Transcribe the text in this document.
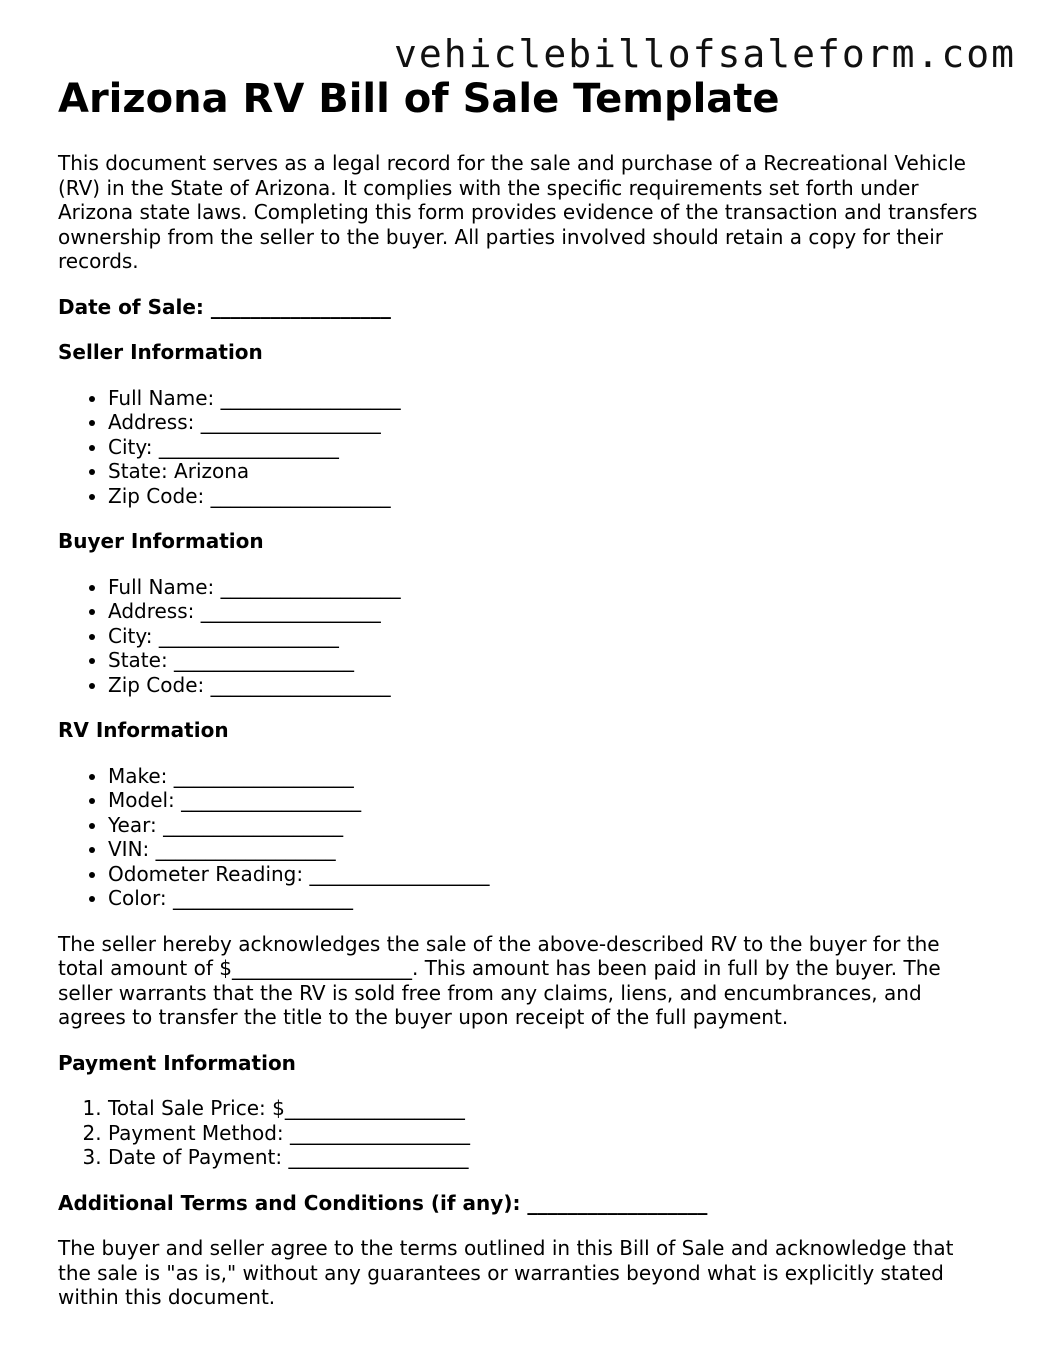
vehiclebillofsaleform.com
Arizona RV Bill of Sale Template

This document serves as a legal record for the sale and purchase of a Recreational Vehicle (RV) in the State of Arizona. It complies with the specific requirements set forth under Arizona state laws. Completing this form provides evidence of the transaction and transfers ownership from the seller to the buyer. All parties involved should retain a copy for their records.

Date of Sale: __________________

Seller Information
• Full Name: __________________
• Address: __________________
• City: __________________
• State: Arizona
• Zip Code: __________________
Buyer Information
• Full Name: __________________
• Address: __________________
• City: __________________
• State: __________________
• Zip Code: __________________
RV Information
• Make: __________________
• Model: __________________
• Year: __________________
• VIN: __________________
• Odometer Reading: __________________
• Color: __________________

The seller hereby acknowledges the sale of the above-described RV to the buyer for the total amount of $__________________. This amount has been paid in full by the buyer. The seller warrants that the RV is sold free from any claims, liens, and encumbrances, and agrees to transfer the title to the buyer upon receipt of the full payment.

Payment Information
1. Total Sale Price: $__________________
2. Payment Method: __________________
3. Date of Payment: __________________

Additional Terms and Conditions (if any): __________________

The buyer and seller agree to the terms outlined in this Bill of Sale and acknowledge that the sale is "as is," without any guarantees or warranties beyond what is explicitly stated within this document.
